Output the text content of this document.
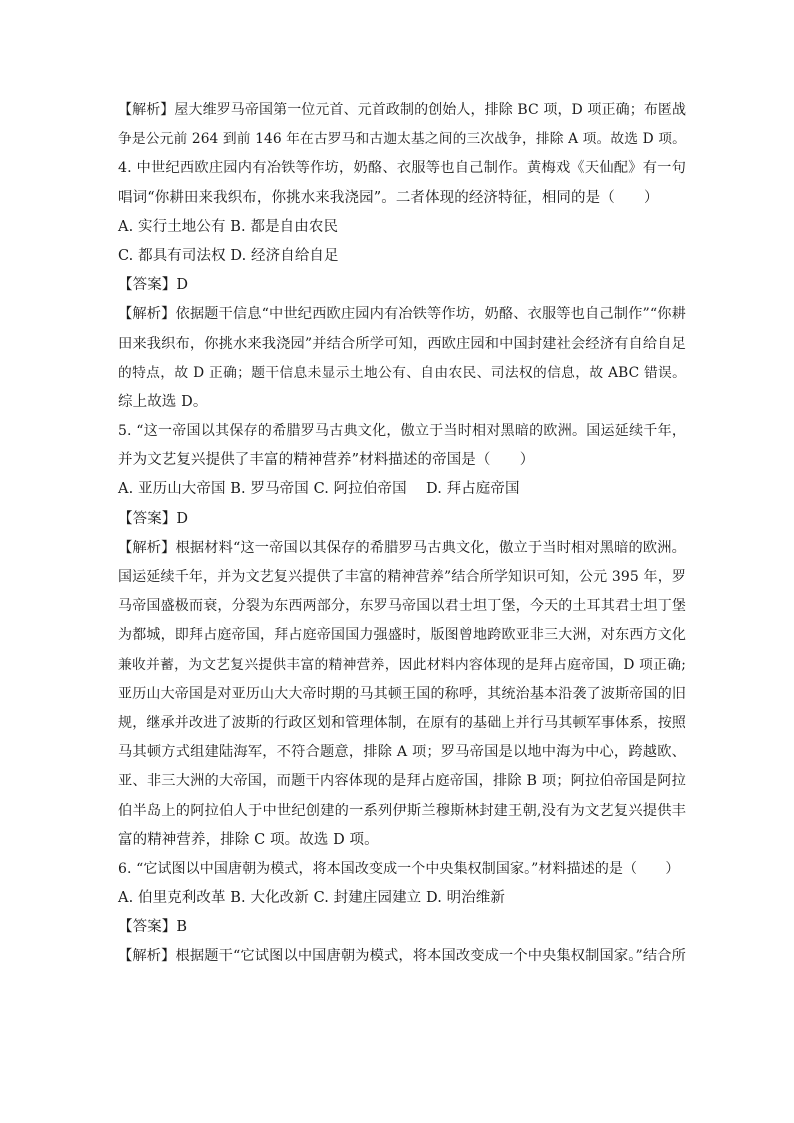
【解析】屋大维罗马帝国第一位元首、元首政制的创始人，排除 BC 项，D 项正确；布匿战
争是公元前 264 到前 146 年在古罗马和古迦太基之间的三次战争，排除 A 项。故选 D 项。
4. 中世纪西欧庄园内有冶铁等作坊，奶酪、衣服等也自己制作。黄梅戏《天仙配》有一句
唱词“你耕田来我织布，你挑水来我浇园”。二者体现的经济特征，相同的是（　　）
A. 实行土地公有 B. 都是自由农民
C. 都具有司法权 D. 经济自给自足
【答案】D
【解析】依据题干信息“中世纪西欧庄园内有冶铁等作坊，奶酪、衣服等也自己制作”“你耕
田来我织布，你挑水来我浇园”并结合所学可知，西欧庄园和中国封建社会经济有自给自足
的特点，故 D 正确；题干信息未显示土地公有、自由农民、司法权的信息，故 ABC 错误。
综上故选 D。
5. “这一帝国以其保存的希腊罗马古典文化，傲立于当时相对黑暗的欧洲。国运延续千年，
并为文艺复兴提供了丰富的精神营养”材料描述的帝国是（　　）
A. 亚历山大帝国 B. 罗马帝国 C. 阿拉伯帝国　 D. 拜占庭帝国
【答案】D
【解析】根据材料“这一帝国以其保存的希腊罗马古典文化，傲立于当时相对黑暗的欧洲。
国运延续千年，并为文艺复兴提供了丰富的精神营养”结合所学知识可知，公元 395 年，罗
马帝国盛极而衰，分裂为东西两部分，东罗马帝国以君士坦丁堡，今天的土耳其君士坦丁堡
为都城，即拜占庭帝国，拜占庭帝国国力强盛时，版图曾地跨欧亚非三大洲，对东西方文化
兼收并蓄，为文艺复兴提供丰富的精神营养，因此材料内容体现的是拜占庭帝国，D 项正确;
亚历山大帝国是对亚历山大大帝时期的马其顿王国的称呼，其统治基本沿袭了波斯帝国的旧
规，继承并改进了波斯的行政区划和管理体制，在原有的基础上并行马其顿军事体系，按照
马其顿方式组建陆海军，不符合题意，排除 A 项；罗马帝国是以地中海为中心，跨越欧、
亚、非三大洲的大帝国，而题干内容体现的是拜占庭帝国，排除 B 项；阿拉伯帝国是阿拉
伯半岛上的阿拉伯人于中世纪创建的一系列伊斯兰穆斯林封建王朝,没有为文艺复兴提供丰
富的精神营养，排除 C 项。故选 D 项。
6. “它试图以中国唐朝为模式，将本国改变成一个中央集权制国家。”材料描述的是（　　）
A. 伯里克利改革 B. 大化改新 C. 封建庄园建立 D. 明治维新
【答案】B
【解析】根据题干“它试图以中国唐朝为模式，将本国改变成一个中央集权制国家。”结合所
